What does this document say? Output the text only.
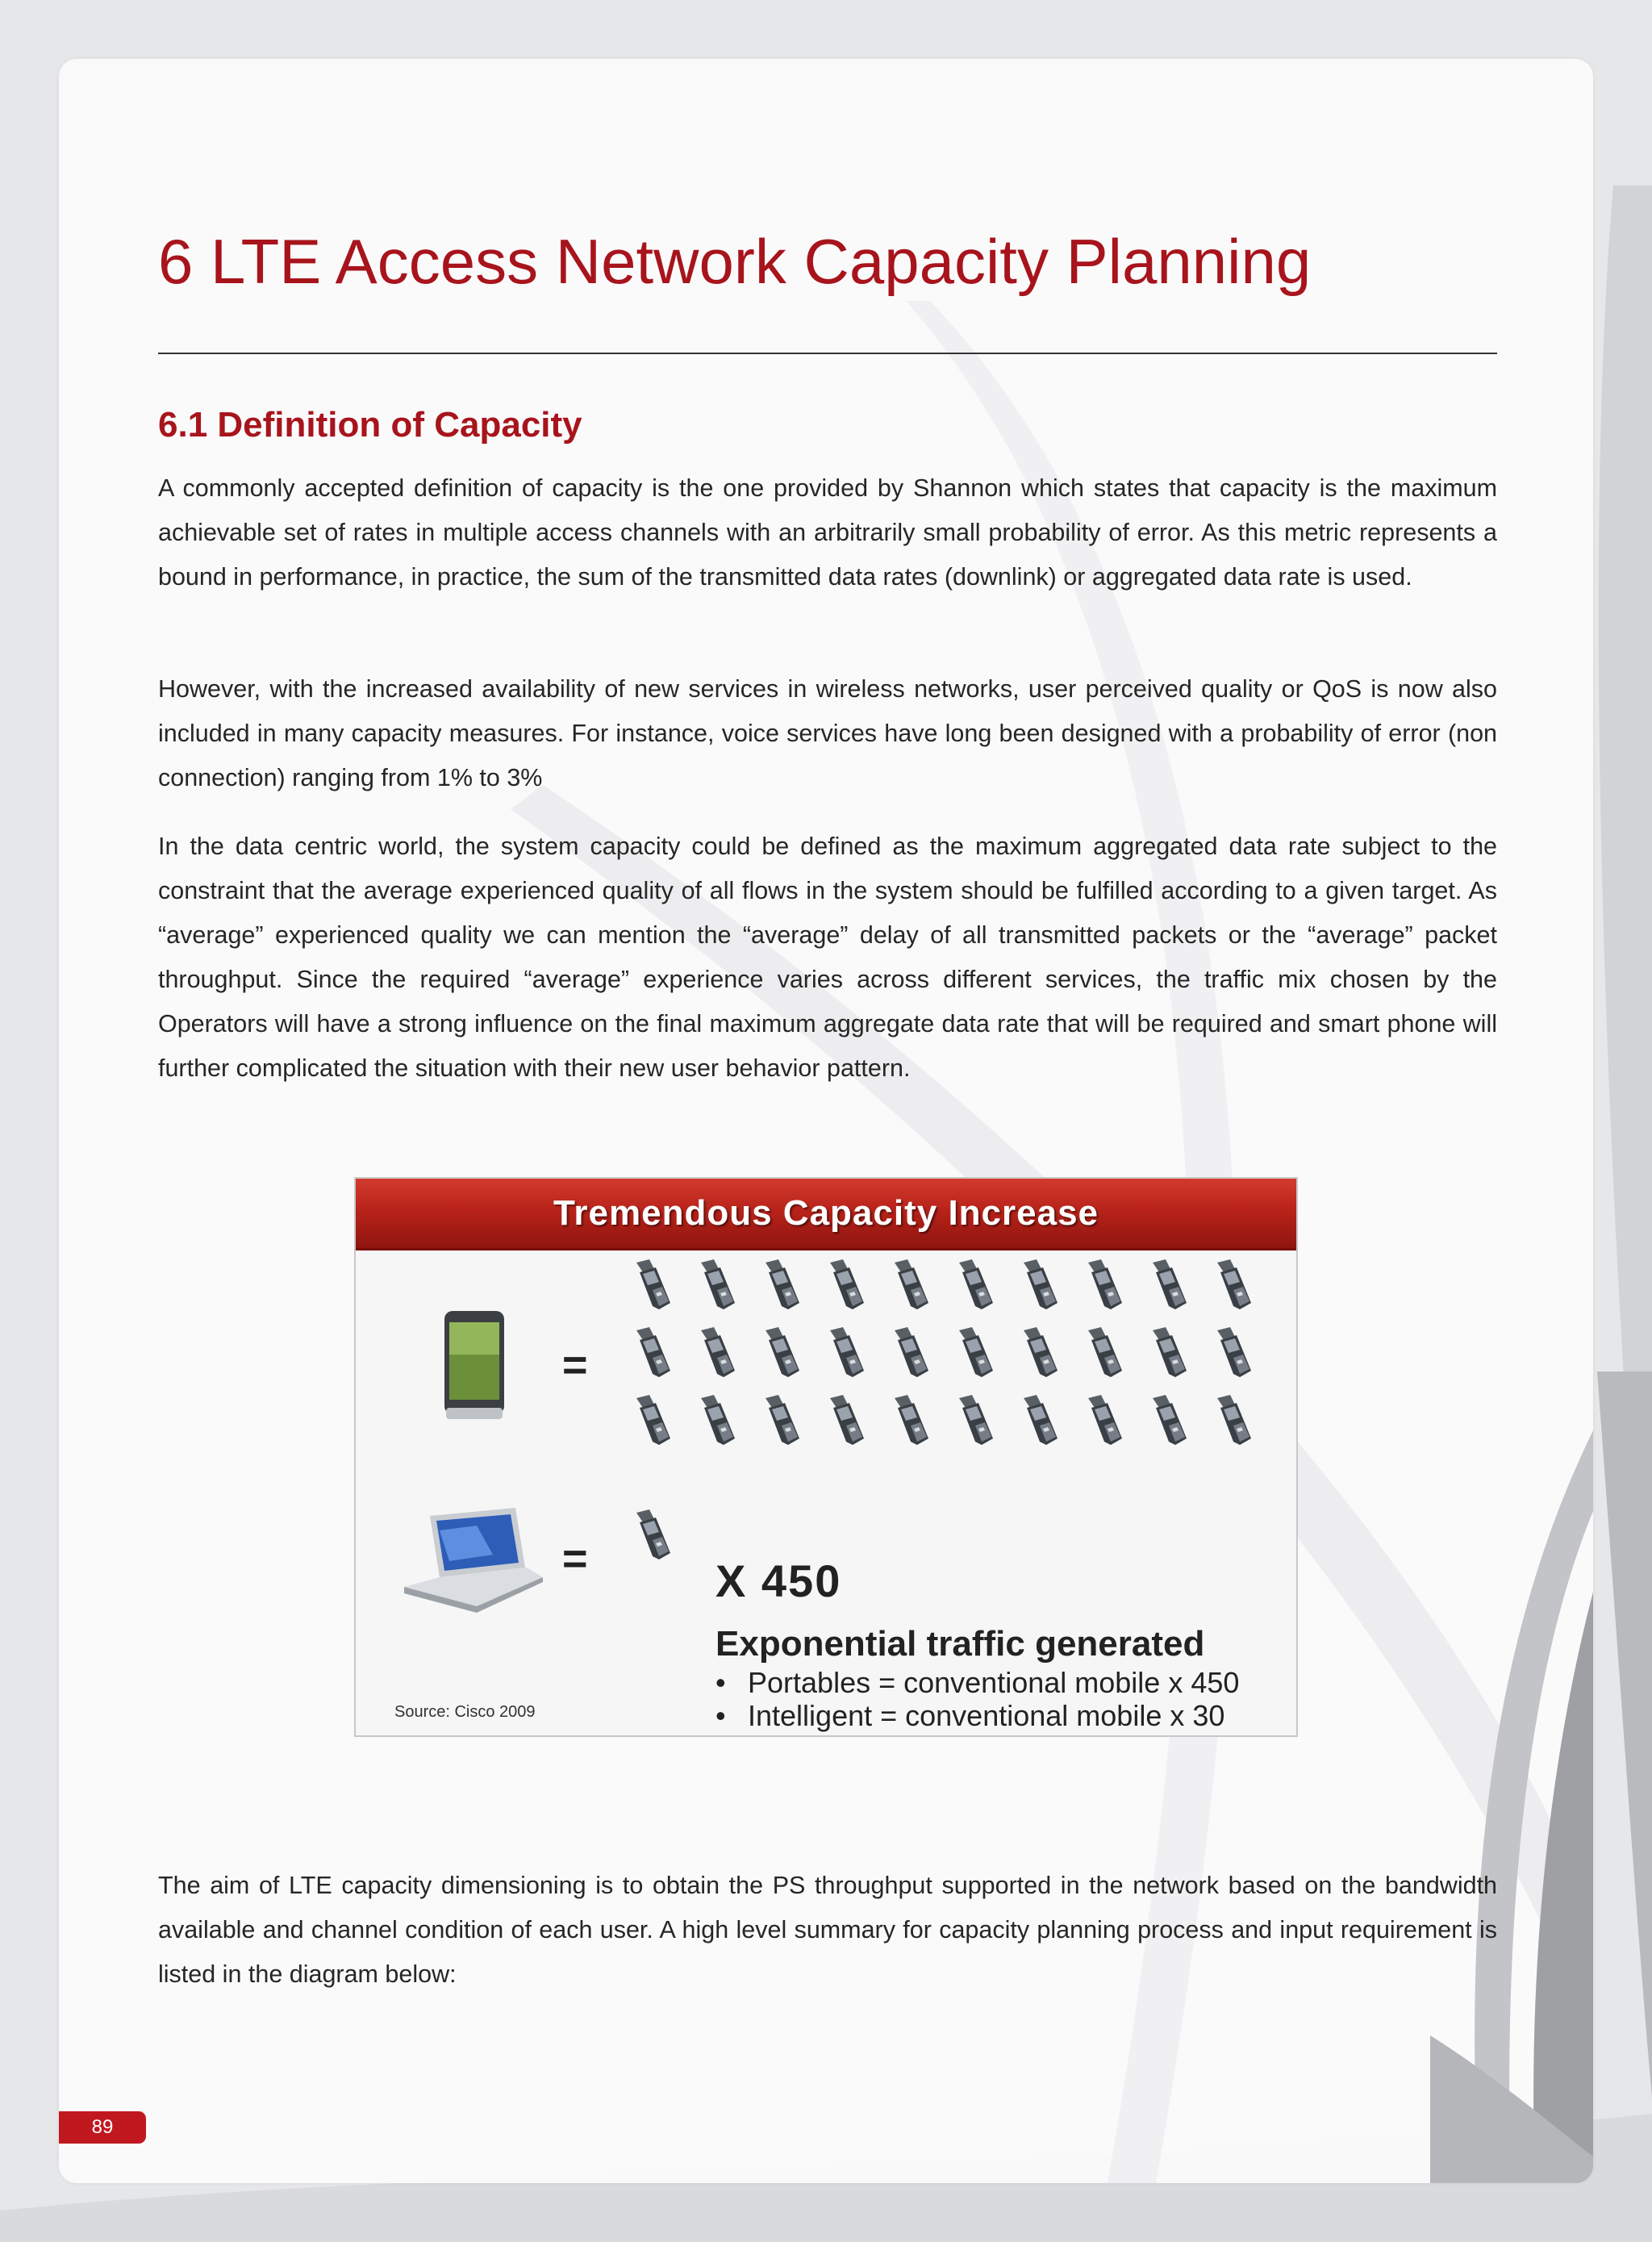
6 LTE Access Network Capacity Planning
6.1 Definition of Capacity

A commonly accepted definition of capacity is the one provided by Shannon which states that capacity is the maximum achievable set of rates in multiple access channels with an arbitrarily small probability of error. As this metric represents a bound in performance, in practice, the sum of the transmitted data rates (downlink) or aggregated data rate is used.

However, with the increased availability of new services in wireless networks, user perceived quality or QoS is now also included in many capacity measures. For instance, voice services have long been designed with a probability of error (non connection) ranging from 1% to 3%

In the data centric world, the system capacity could be defined as the maximum aggregated data rate subject to the constraint that the average experienced quality of all flows in the system should be fulfilled according to a given target. As “average” experienced quality we can mention the “average” delay of all transmitted packets or the “average” packet throughput. Since the required “average” experience varies across different services, the traffic mix chosen by the Operators will have a strong influence on the final maximum aggregate data rate that will be required and smart phone will further complicated the situation with their new user behavior pattern.

Tremendous Capacity Increase
=
=	X 450
Exponential traffic generated
• Portables = conventional mobile x 450
• Intelligent = conventional mobile x 30
Source: Cisco 2009

The aim of LTE capacity dimensioning is to obtain the PS throughput supported in the network based on the bandwidth available and channel condition of each user. A high level summary for capacity planning process and input requirement is listed in the diagram below:

89
